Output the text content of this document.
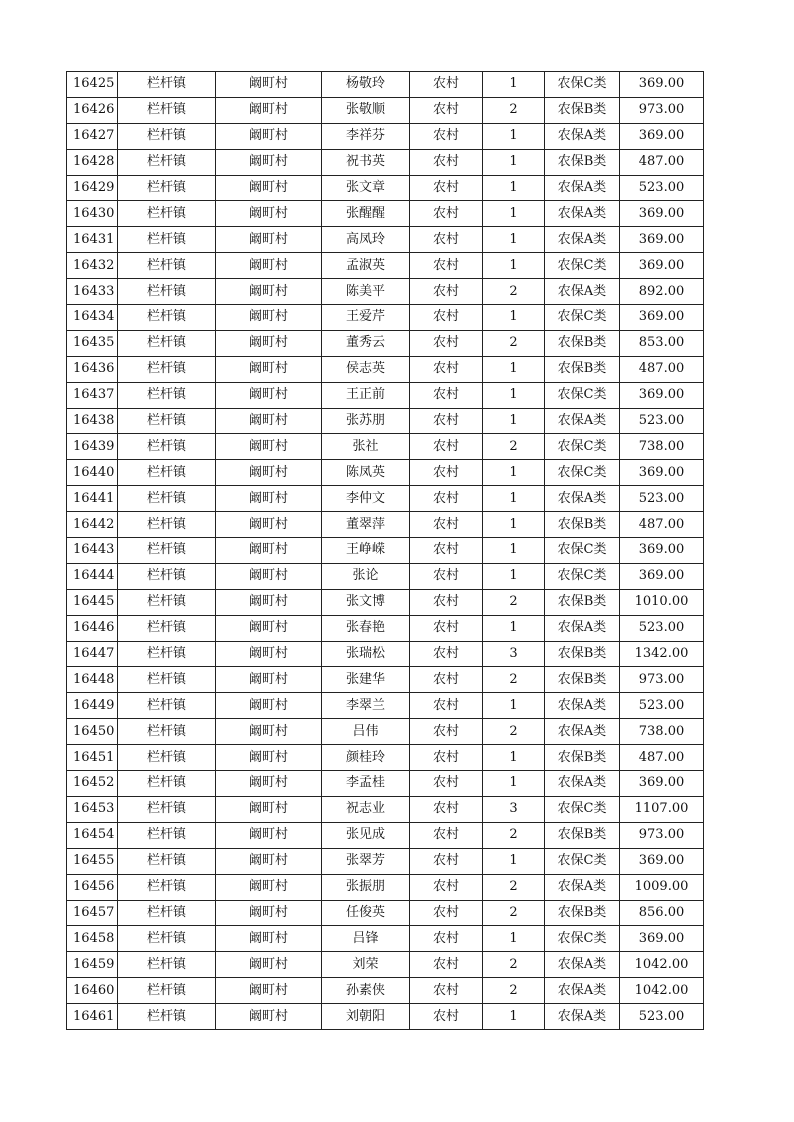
16425	栏杆镇	阚町村	杨敬玲	农村	1	农保C类	369.00
16426	栏杆镇	阚町村	张敬顺	农村	2	农保B类	973.00
16427	栏杆镇	阚町村	李祥芬	农村	1	农保A类	369.00
16428	栏杆镇	阚町村	祝书英	农村	1	农保B类	487.00
16429	栏杆镇	阚町村	张文章	农村	1	农保A类	523.00
16430	栏杆镇	阚町村	张醒醒	农村	1	农保A类	369.00
16431	栏杆镇	阚町村	高凤玲	农村	1	农保A类	369.00
16432	栏杆镇	阚町村	孟淑英	农村	1	农保C类	369.00
16433	栏杆镇	阚町村	陈美平	农村	2	农保A类	892.00
16434	栏杆镇	阚町村	王爱芹	农村	1	农保C类	369.00
16435	栏杆镇	阚町村	董秀云	农村	2	农保B类	853.00
16436	栏杆镇	阚町村	侯志英	农村	1	农保B类	487.00
16437	栏杆镇	阚町村	王正前	农村	1	农保C类	369.00
16438	栏杆镇	阚町村	张苏朋	农村	1	农保A类	523.00
16439	栏杆镇	阚町村	张社	农村	2	农保C类	738.00
16440	栏杆镇	阚町村	陈凤英	农村	1	农保C类	369.00
16441	栏杆镇	阚町村	李仲文	农村	1	农保A类	523.00
16442	栏杆镇	阚町村	董翠萍	农村	1	农保B类	487.00
16443	栏杆镇	阚町村	王峥嵘	农村	1	农保C类	369.00
16444	栏杆镇	阚町村	张论	农村	1	农保C类	369.00
16445	栏杆镇	阚町村	张文博	农村	2	农保B类	1010.00
16446	栏杆镇	阚町村	张春艳	农村	1	农保A类	523.00
16447	栏杆镇	阚町村	张瑞松	农村	3	农保B类	1342.00
16448	栏杆镇	阚町村	张建华	农村	2	农保B类	973.00
16449	栏杆镇	阚町村	李翠兰	农村	1	农保A类	523.00
16450	栏杆镇	阚町村	吕伟	农村	2	农保A类	738.00
16451	栏杆镇	阚町村	颜桂玲	农村	1	农保B类	487.00
16452	栏杆镇	阚町村	李孟桂	农村	1	农保A类	369.00
16453	栏杆镇	阚町村	祝志业	农村	3	农保C类	1107.00
16454	栏杆镇	阚町村	张见成	农村	2	农保B类	973.00
16455	栏杆镇	阚町村	张翠芳	农村	1	农保C类	369.00
16456	栏杆镇	阚町村	张振朋	农村	2	农保A类	1009.00
16457	栏杆镇	阚町村	任俊英	农村	2	农保B类	856.00
16458	栏杆镇	阚町村	吕锋	农村	1	农保C类	369.00
16459	栏杆镇	阚町村	刘荣	农村	2	农保A类	1042.00
16460	栏杆镇	阚町村	孙素侠	农村	2	农保A类	1042.00
16461	栏杆镇	阚町村	刘朝阳	农村	1	农保A类	523.00
